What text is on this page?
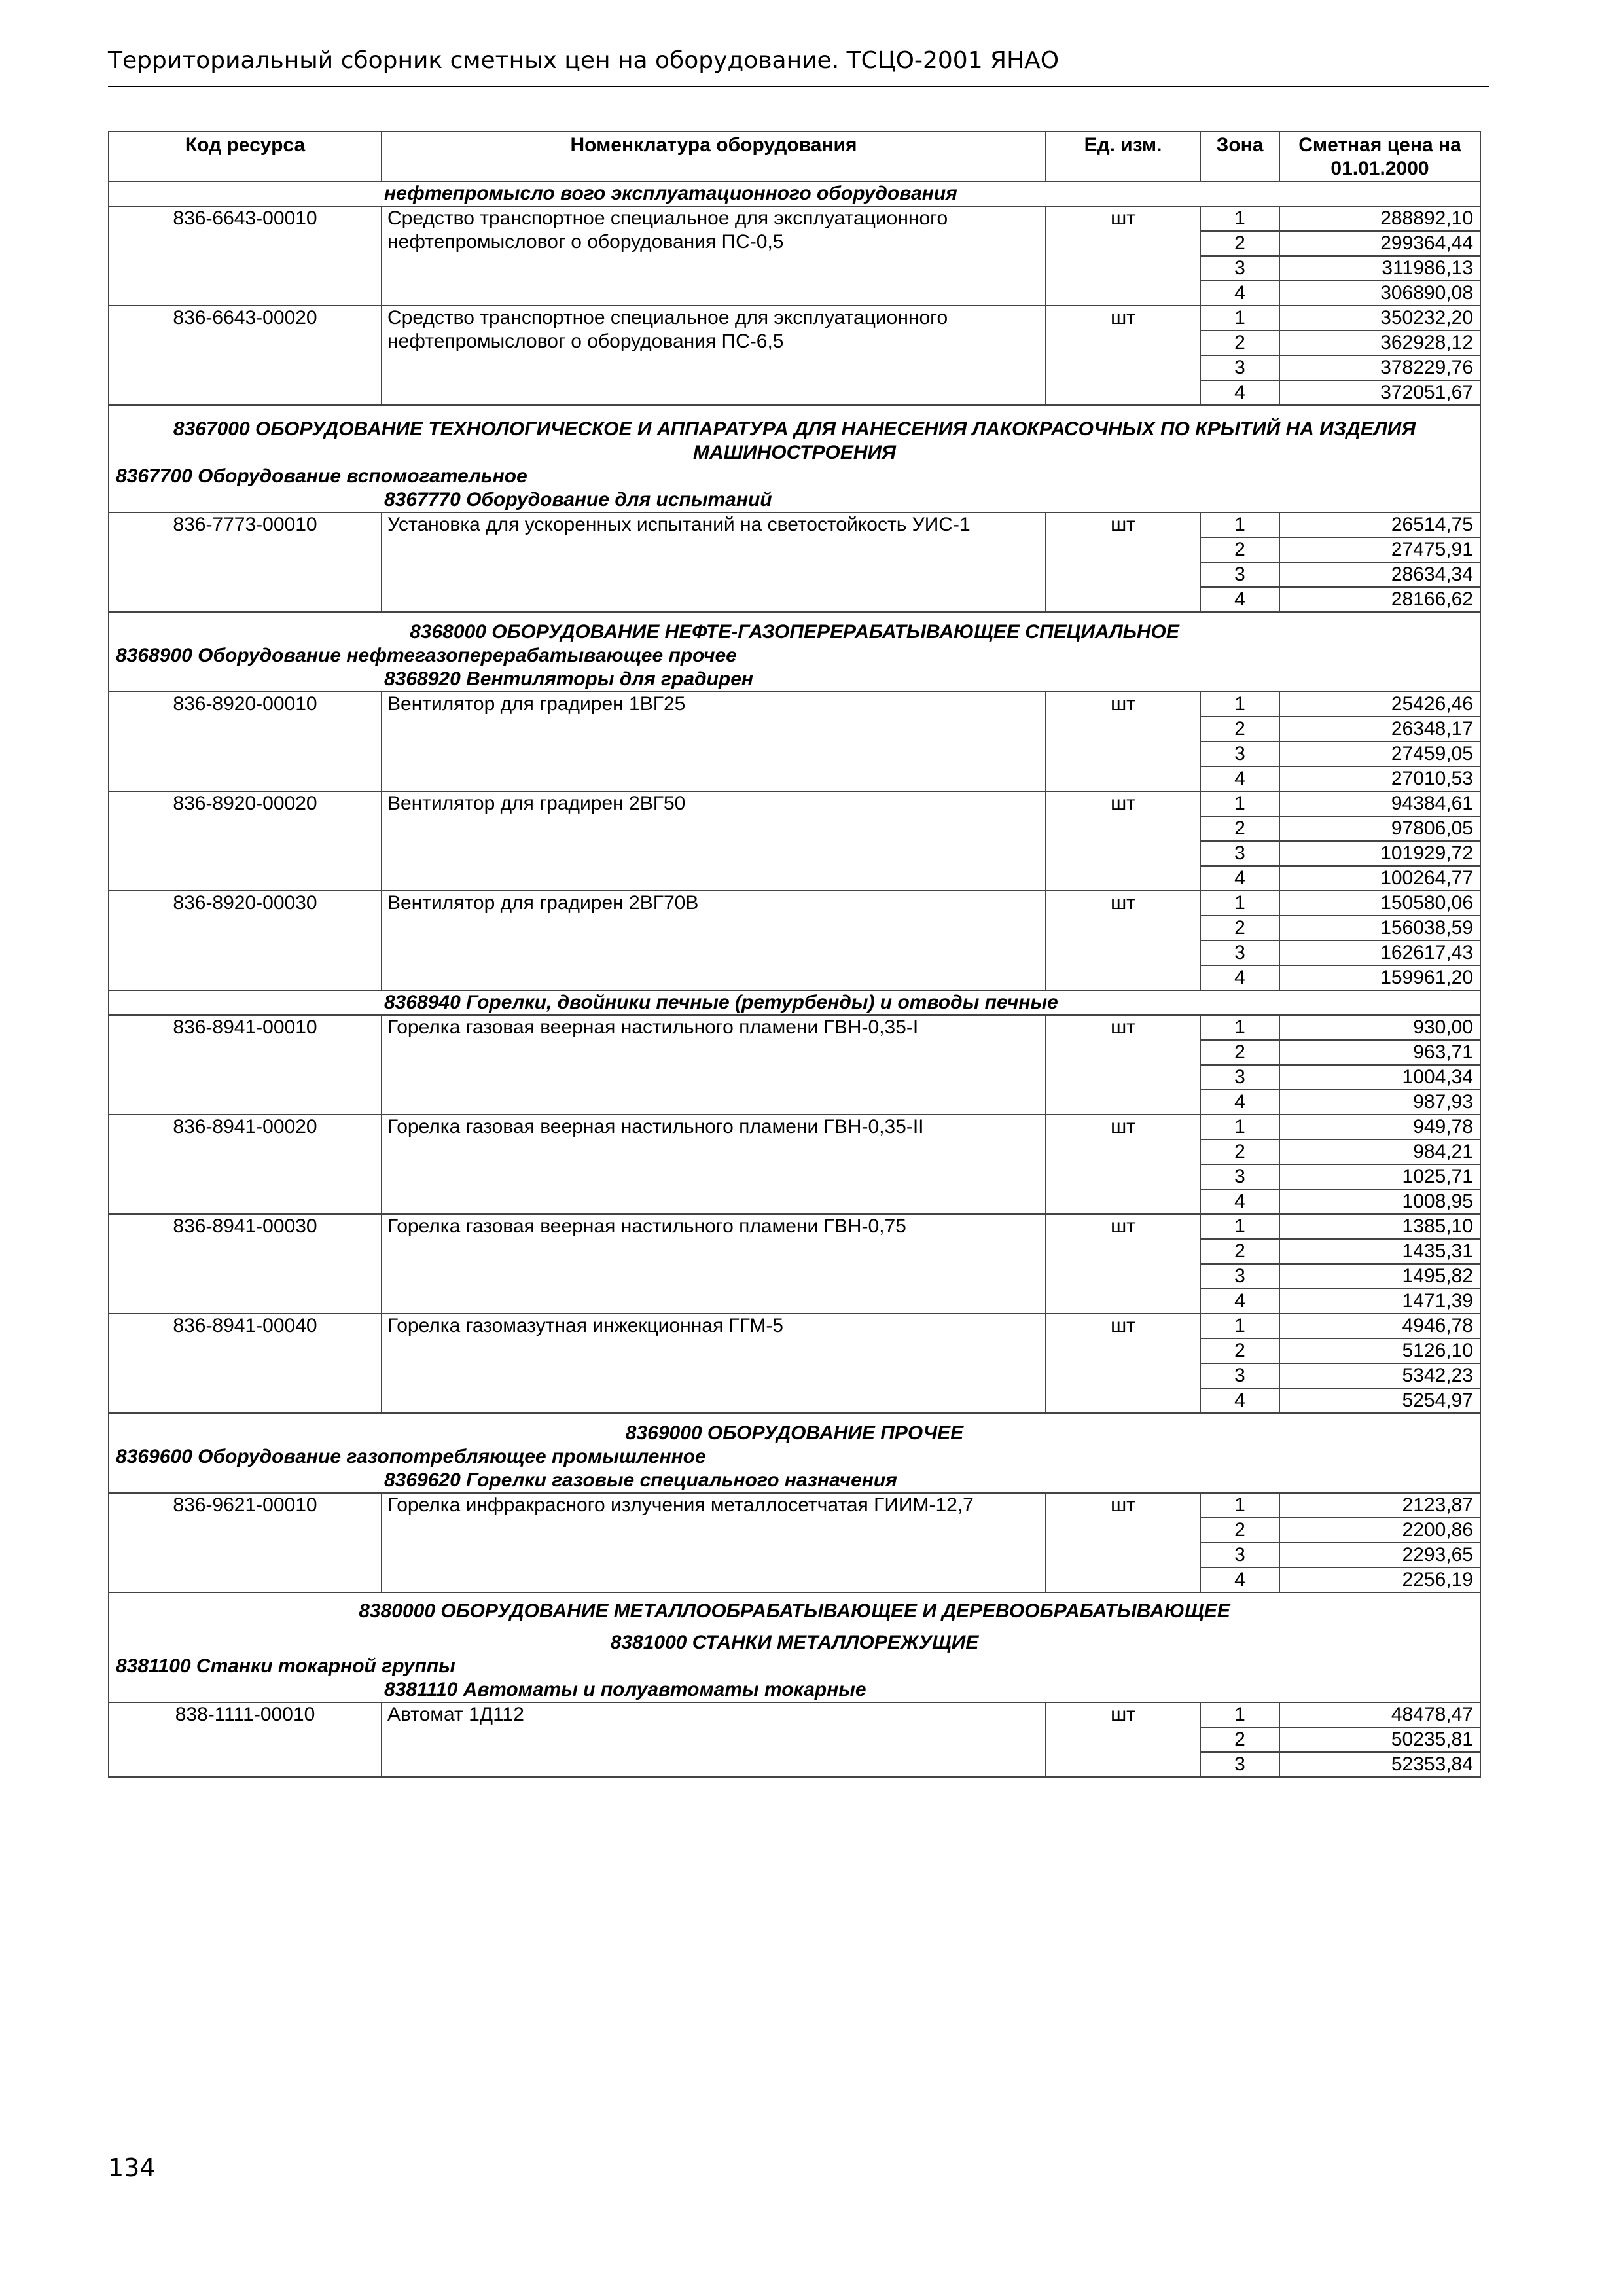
Территориальный сборник сметных цен на оборудование. ТСЦО-2001 ЯНАО
Код ресурса	Номенклатура оборудования	Ед. изм.	Зона	Сметная цена на 01.01.2000
нефтепромысло вого эксплуатационного оборудования				
836-6643-00010	Средство транспортное специальное для эксплуатационного нефтепромысловог о оборудования ПС-0,5	шт	1	288892,10
			2	299364,44
			3	311986,13
			4	306890,08
836-6643-00020	Средство транспортное специальное для эксплуатационного нефтепромысловог о оборудования ПС-6,5	шт	1	350232,20
			2	362928,12
			3	378229,76
			4	372051,67
8367000 ОБОРУДОВАНИЕ ТЕХНОЛОГИЧЕСКОЕ И АППАРАТУРА ДЛЯ НАНЕСЕНИЯ ЛАКОКРАСОЧНЫХ ПО КРЫТИЙ НА ИЗДЕЛИЯ МАШИНОСТРОЕНИЯ				
8367700 Оборудование вспомогательное				
8367770 Оборудование для испытаний				
836-7773-00010	Установка для ускоренных испытаний на светостойкость УИС-1	шт	1	26514,75
			2	27475,91
			3	28634,34
			4	28166,62
8368000 ОБОРУДОВАНИЕ НЕФТЕ-ГАЗОПЕРЕРАБАТЫВАЮЩЕЕ СПЕЦИАЛЬНОЕ				
8368900 Оборудование нефтегазоперерабатывающее прочее				
8368920 Вентиляторы для градирен				
836-8920-00010	Вентилятор для градирен 1ВГ25	шт	1	25426,46
			2	26348,17
			3	27459,05
			4	27010,53
836-8920-00020	Вентилятор для градирен 2ВГ50	шт	1	94384,61
			2	97806,05
			3	101929,72
			4	100264,77
836-8920-00030	Вентилятор для градирен 2ВГ70В	шт	1	150580,06
			2	156038,59
			3	162617,43
			4	159961,20
8368940 Горелки, двойники печные (ретурбенды) и отводы печные				
836-8941-00010	Горелка газовая веерная настильного пламени ГВН-0,35-I	шт	1	930,00
			2	963,71
			3	1004,34
			4	987,93
836-8941-00020	Горелка газовая веерная настильного пламени ГВН-0,35-II	шт	1	949,78
			2	984,21
			3	1025,71
			4	1008,95
836-8941-00030	Горелка газовая веерная настильного пламени ГВН-0,75	шт	1	1385,10
			2	1435,31
			3	1495,82
			4	1471,39
836-8941-00040	Горелка газомазутная инжекционная ГГМ-5	шт	1	4946,78
			2	5126,10
			3	5342,23
			4	5254,97
8369000 ОБОРУДОВАНИЕ ПРОЧЕЕ				
8369600 Оборудование газопотребляющее промышленное				
8369620 Горелки газовые специального назначения				
836-9621-00010	Горелка инфракрасного излучения металлосетчатая ГИИМ-12,7	шт	1	2123,87
			2	2200,86
			3	2293,65
			4	2256,19
8380000 ОБОРУДОВАНИЕ МЕТАЛЛООБРАБАТЫВАЮЩЕЕ И ДЕРЕВООБРАБАТЫВАЮЩЕЕ				
8381000 СТАНКИ МЕТАЛЛОРЕЖУЩИЕ				
8381100 Станки токарной группы				
8381110 Автоматы и полуавтоматы токарные				
838-1111-00010	Автомат 1Д112	шт	1	48478,47
			2	50235,81
			3	52353,84
134
